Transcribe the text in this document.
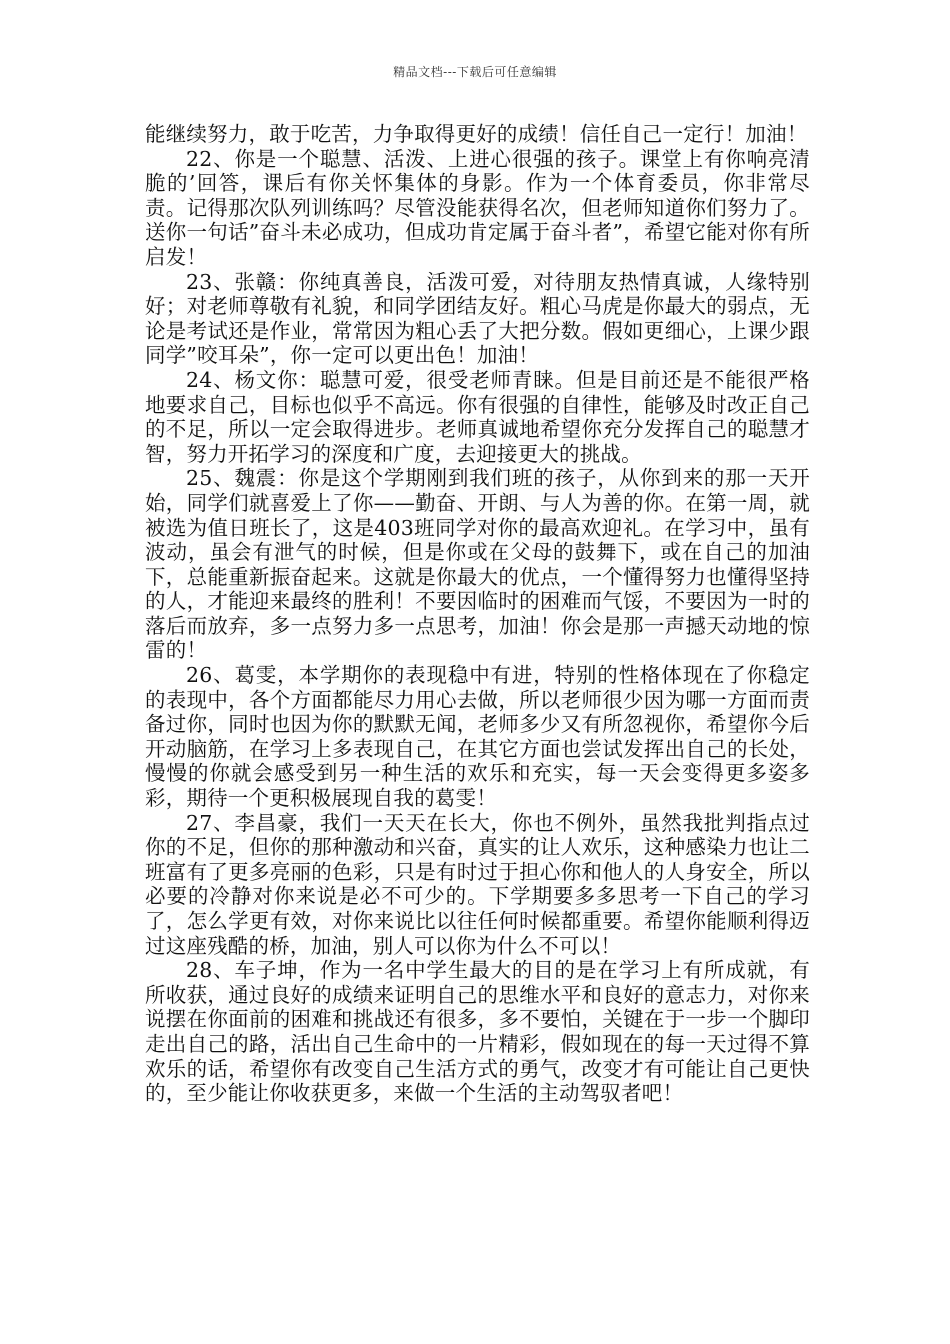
精品文档---下载后可任意编辑

能继续努力，敢于吃苦，力争取得更好的成绩！信任自己一定行！加油！

22、你是一个聪慧、活泼、上进心很强的孩子。课堂上有你响亮清脆的’回答，课后有你关怀集体的身影。作为一个体育委员，你非常尽责。记得那次队列训练吗？尽管没能获得名次，但老师知道你们努力了。送你一句话”奋斗未必成功，但成功肯定属于奋斗者”，希望它能对你有所启发！

23、张赣：你纯真善良，活泼可爱，对待朋友热情真诚，人缘特别好；对老师尊敬有礼貌，和同学团结友好。粗心马虎是你最大的弱点，无论是考试还是作业，常常因为粗心丢了大把分数。假如更细心，上课少跟同学”咬耳朵”，你一定可以更出色！加油！

24、杨文你：聪慧可爱，很受老师青睐。但是目前还是不能很严格地要求自己，目标也似乎不高远。你有很强的自律性，能够及时改正自己的不足，所以一定会取得进步。老师真诚地希望你充分发挥自己的聪慧才智，努力开拓学习的深度和广度，去迎接更大的挑战。

25、魏震：你是这个学期刚到我们班的孩子，从你到来的那一天开始，同学们就喜爱上了你——勤奋、开朗、与人为善的你。在第一周，就被选为值日班长了，这是403班同学对你的最高欢迎礼。在学习中，虽有波动，虽会有泄气的时候，但是你或在父母的鼓舞下，或在自己的加油下，总能重新振奋起来。这就是你最大的优点，一个懂得努力也懂得坚持的人，才能迎来最终的胜利！不要因临时的困难而气馁，不要因为一时的落后而放弃，多一点努力多一点思考，加油！你会是那一声撼天动地的惊雷的！

26、葛雯，本学期你的表现稳中有进，特别的性格体现在了你稳定的表现中，各个方面都能尽力用心去做，所以老师很少因为哪一方面而责备过你，同时也因为你的默默无闻，老师多少又有所忽视你，希望你今后开动脑筋，在学习上多表现自己，在其它方面也尝试发挥出自己的长处，慢慢的你就会感受到另一种生活的欢乐和充实，每一天会变得更多姿多彩，期待一个更积极展现自我的葛雯！

27、李昌豪，我们一天天在长大，你也不例外，虽然我批判指点过你的不足，但你的那种激动和兴奋，真实的让人欢乐，这种感染力也让二班富有了更多亮丽的色彩，只是有时过于担心你和他人的人身安全，所以必要的冷静对你来说是必不可少的。下学期要多多思考一下自己的学习了，怎么学更有效，对你来说比以往任何时候都重要。希望你能顺利得迈过这座残酷的桥，加油，别人可以你为什么不可以！

28、车子坤，作为一名中学生最大的目的是在学习上有所成就，有所收获，通过良好的成绩来证明自己的思维水平和良好的意志力，对你来说摆在你面前的困难和挑战还有很多，多不要怕，关键在于一步一个脚印走出自己的路，活出自己生命中的一片精彩，假如现在的每一天过得不算欢乐的话，希望你有改变自己生活方式的勇气，改变才有可能让自己更快的，至少能让你收获更多，来做一个生活的主动驾驭者吧！
